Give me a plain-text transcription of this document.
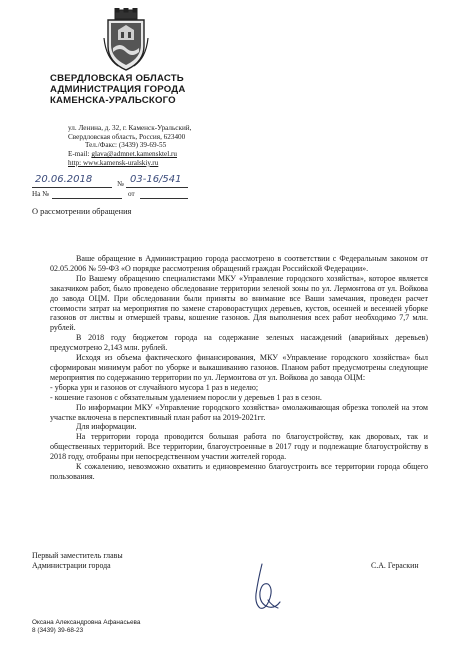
СВЕРДЛОВСКАЯ ОБЛАСТЬ
АДМИНИСТРАЦИЯ ГОРОДА
КАМЕНСКА-УРАЛЬСКОГО
ул. Ленина, д. 32, г. Каменск-Уральский,
Свердловская область, Россия, 623400
Тел./Факс: (3439) 39-69-55
E-mail: glava@admnet.kamensktel.ru
http: www.kamensk-uralskiy.ru
20.06.2018	№ 03-16/541
На №	от
О рассмотрении обращения

Ваше обращение в Администрацию города рассмотрено в соответствии с Федеральным законом от 02.05.2006 № 59-ФЗ «О порядке рассмотрения обращений граждан Российской Федерации».

По Вашему обращению специалистами МКУ «Управление городского хозяйства», которое является заказчиком работ, было проведено обследование территории зеленой зоны по ул. Лермонтова от ул. Войкова до завода ОЦМ. При обследовании были приняты во внимание все Ваши замечания, проведен расчет стоимости затрат на мероприятия по замене староворастущих деревьев, кустов, осенней и весенней уборке газонов от листвы и отмершей травы, кошение газонов. Для выполнения всех работ необходимо 7,7 млн. рублей.

В 2018 году бюджетом города на содержание зеленых насаждений (аварийных деревьев) предусмотрено 2,143 млн. рублей.

Исходя из объема фактического финансирования, МКУ «Управление городского хозяйства» был сформирован минимум работ по уборке и выкашиванию газонов. Планом работ предусмотрены следующие мероприятия по содержанию территории по ул. Лермонтова от ул. Войкова до завода ОЦМ:

- уборка урн и газонов от случайного мусора 1 раз в неделю;

- кошение газонов с обязательным удалением поросли у деревьев 1 раз в сезон.

По информации МКУ «Управление городского хозяйства» омолаживающая обрезка тополей на этом участке включена в перспективный план работ на 2019-2021гг.

Для информации.

На территории города проводится большая работа по благоустройству, как дворовых, так и общественных территорий. Все территории, благоустроенные в 2017 году и подлежащие благоустройству в 2018 году, отобраны при непосредственном участии жителей города.

К сожалению, невозможно охватить и единовременно благоустроить все территории города общего пользования.

Первый заместитель главы
Администрации города	С.А. Гераскин
Оксана Александровна Афанасьева
8 (3439) 39-68-23
